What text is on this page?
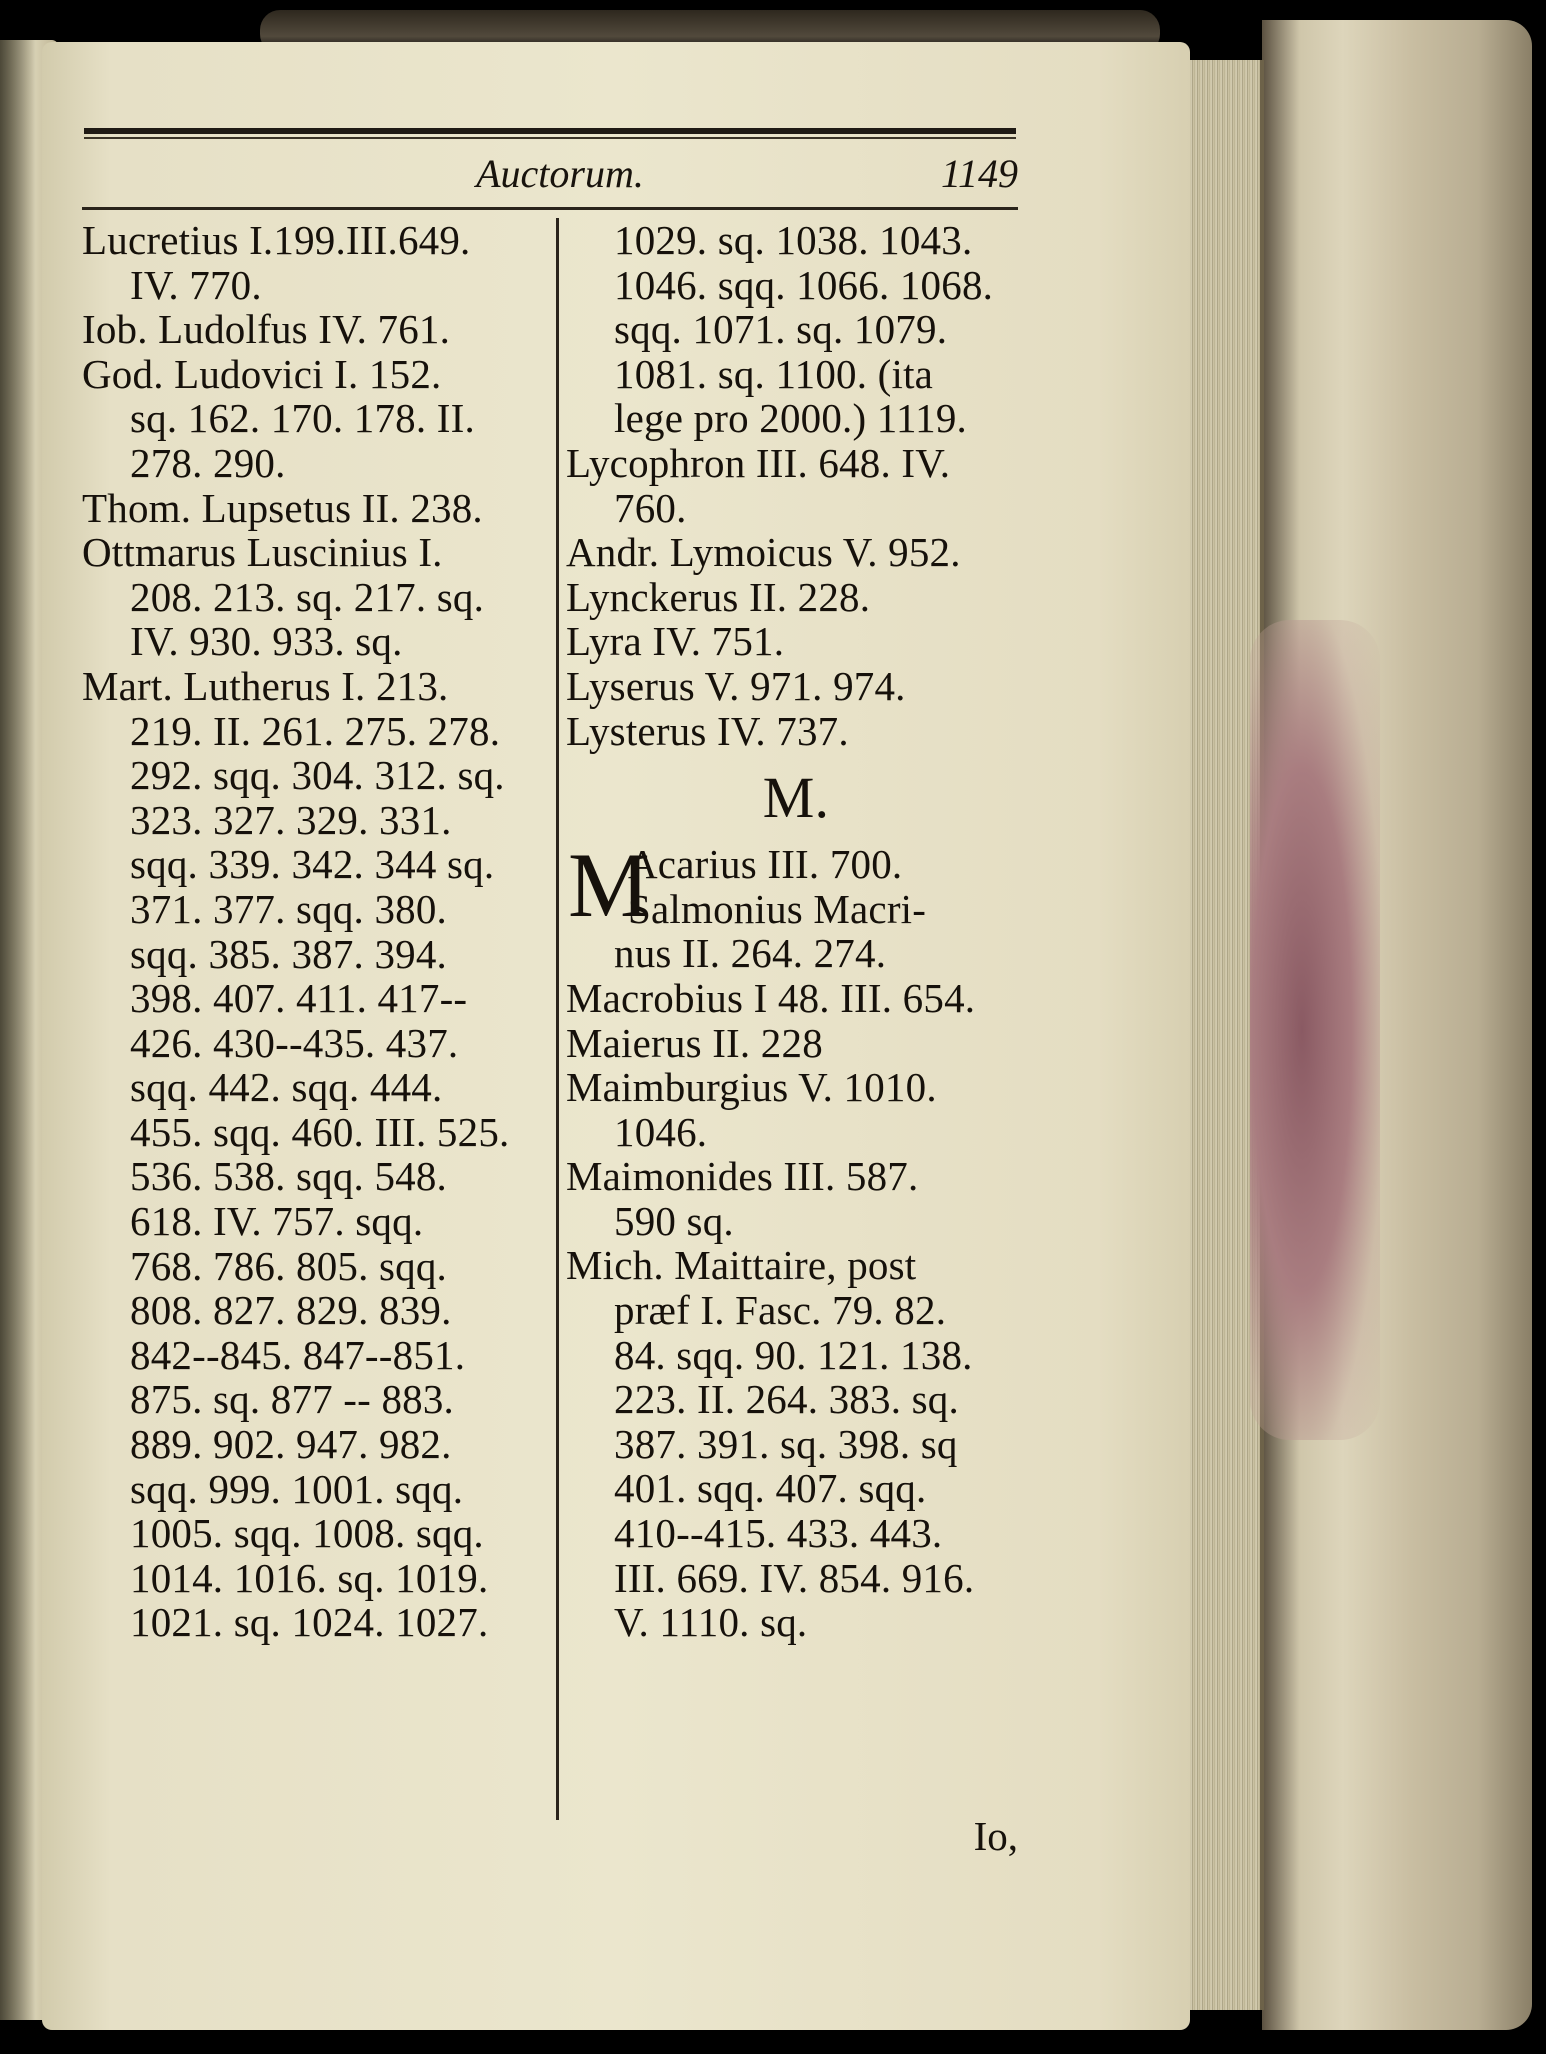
Auctorum.	1149
Lucretius I.199.III.649.
IV. 770.
Iob. Ludolfus IV. 761.
God. Ludovici I. 152.
sq. 162. 170. 178. II.
278. 290.
Thom. Lupsetus II. 238.
Ottmarus Luscinius I.
208. 213. sq. 217. sq.
IV. 930. 933. sq.
Mart. Lutherus I. 213.
219. II. 261. 275. 278.
292. sqq. 304. 312. sq.
323. 327. 329. 331.
sqq. 339. 342. 344 sq.
371. 377. sqq. 380.
sqq. 385. 387. 394.
398. 407. 411. 417--
426. 430--435. 437.
sqq. 442. sqq. 444.
455. sqq. 460. III. 525.
536. 538. sqq. 548.
618. IV. 757. sqq.
768. 786. 805. sqq.
808. 827. 829. 839.
842--845. 847--851.
875. sq. 877 -- 883.
889. 902. 947. 982.
sqq. 999. 1001. sqq.
1005. sqq. 1008. sqq.
1014. 1016. sq. 1019.
1021. sq. 1024. 1027.
1029. sq. 1038. 1043.
1046. sqq. 1066. 1068.
sqq. 1071. sq. 1079.
1081. sq. 1100. (ita
lege pro 2000.) 1119.
Lycophron III. 648. IV.
760.
Andr. Lymoicus V. 952.
Lynckerus II. 228.
Lyra IV. 751.
Lyserus V. 971. 974.
Lysterus IV. 737.
M.
M
Acarius III. 700.
Salmonius Macri-
nus II. 264. 274.
Macrobius I 48. III. 654.
Maierus II. 228
Maimburgius V. 1010.
1046.
Maimonides III. 587.
590 sq.
Mich. Maittaire, post
præf I. Fasc. 79. 82.
84. sqq. 90. 121. 138.
223. II. 264. 383. sq.
387. 391. sq. 398. sq
401. sqq. 407. sqq.
410--415. 433. 443.
III. 669. IV. 854. 916.
V. 1110. sq.
Io,
